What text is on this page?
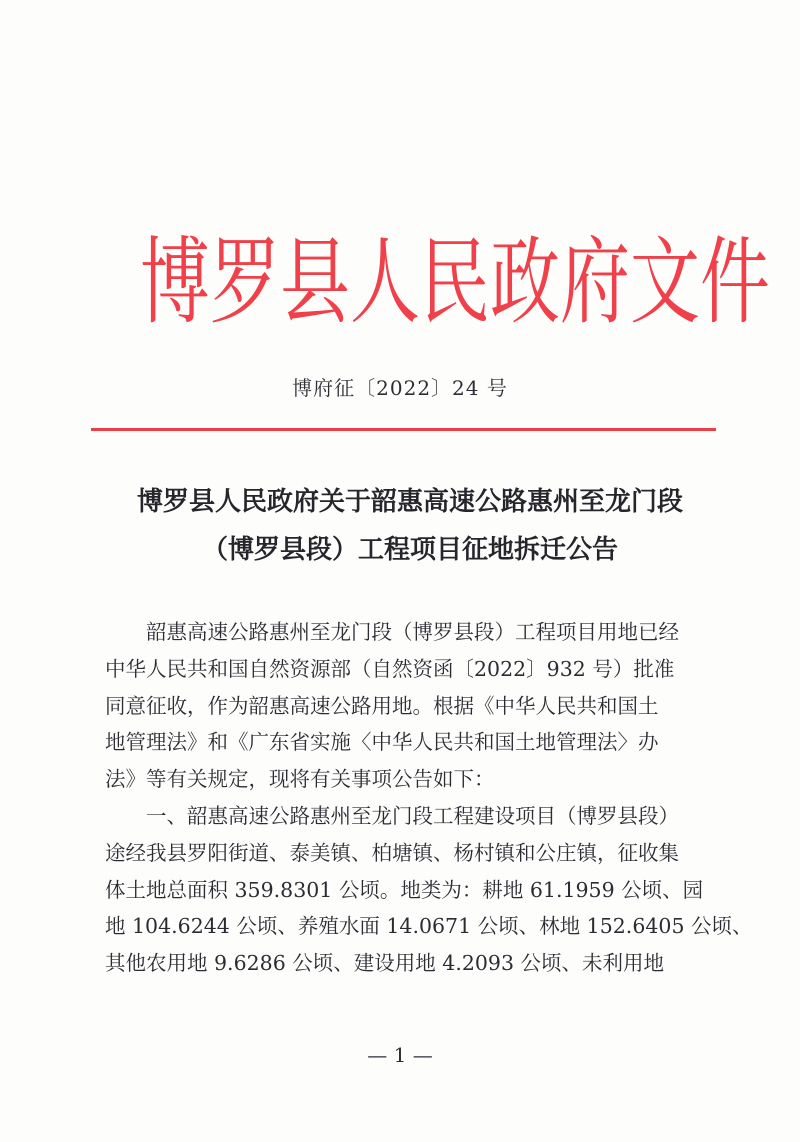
博 罗 县 人 民 政 府 文 件
博府征〔2022〕24 号
博罗县人民政府关于韶惠高速公路惠州至龙门段
（博罗县段）工程项目征地拆迁公告
韶惠高速公路惠州至龙门段（博罗县段）工程项目用地已经
中华人民共和国自然资源部（自然资函〔2022〕932 号）批准
同意征收，作为韶惠高速公路用地。根据《中华人民共和国土
地管理法》和《广东省实施〈中华人民共和国土地管理法〉办
法》等有关规定，现将有关事项公告如下：
一、韶惠高速公路惠州至龙门段工程建设项目（博罗县段）
途经我县罗阳街道、泰美镇、柏塘镇、杨村镇和公庄镇，征收集
体土地总面积 359.8301 公顷。地类为：耕地 61.1959 公顷、园
地 104.6244 公顷、养殖水面 14.0671 公顷、林地 152.6405 公顷、
其他农用地 9.6286 公顷、建设用地 4.2093 公顷、未利用地
— 1 —
